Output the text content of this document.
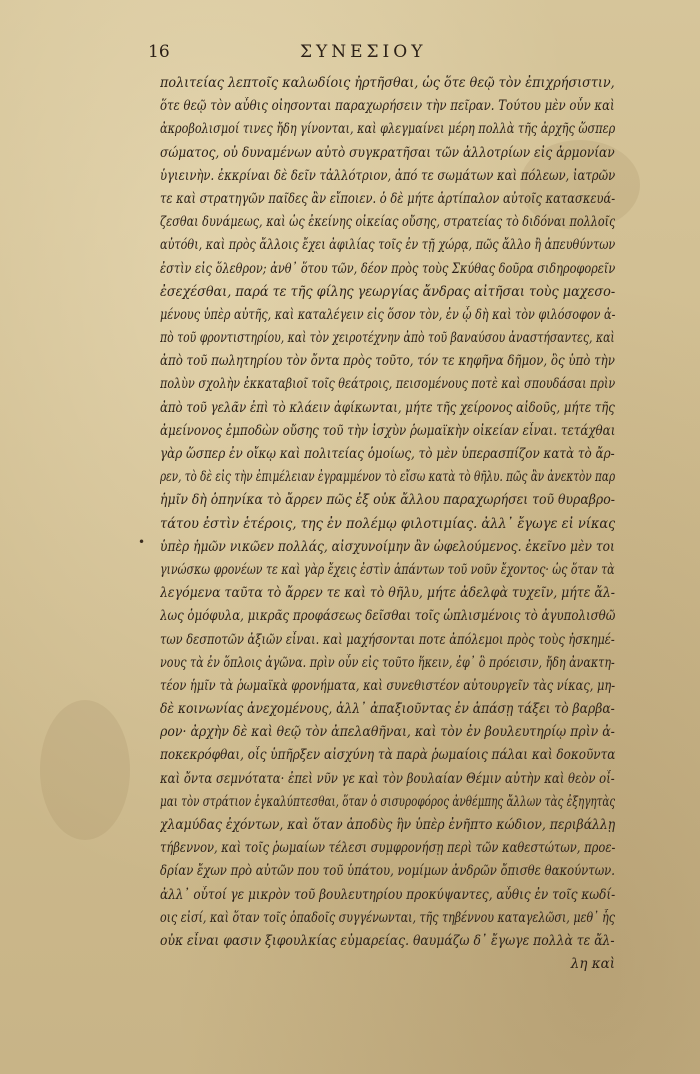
16	ΣΥΝΕΣΙΟΥ
•
πολιτείας λεπτοῖς καλωδίοις ἠρτῆσθαι, ὡς ὅτε θεῷ τὸν ἐπιχρήσιστιν,
ὅτε θεῷ τὸν αὖθις οἰησονται παραχωρήσειν τὴν πεῖραν. Τούτου μὲν οὖν καὶ
ἀκροβολισμοί τινες ἤδη γίνονται, καὶ φλεγμαίνει μέρη πολλὰ τῆς ἀρχῆς ὥσπερ
σώματος, οὐ δυναμένων αὐτὸ συγκρατῆσαι τῶν ἀλλοτρίων εἰς ἁρμονίαν
ὑγιεινὴν. ἐκκρίναι δὲ δεῖν τἀλλότριον, ἀπό τε σωμάτων καὶ πόλεων, ἰατρῶν
τε καὶ στρατηγῶν παῖδες ἂν εἴποιεν. ὁ δὲ μήτε ἀρτίπαλον αὐτοῖς κατασκευά-
ζεσθαι δυνάμεως, καὶ ὡς ἐκείνης οἰκείας οὔσης, στρατείας τὸ διδόναι πολλοῖς
αὐτόθι, καὶ πρὸς ἄλλοις ἔχει ἀφιλίας τοῖς ἐν τῇ χώρᾳ, πῶς ἄλλο ἢ ἀπευθύντων
ἐστὶν εἰς ὅλεθρον; ἀνθ᾽ ὅτου τῶν, δέον πρὸς τοὺς Σκύθας δοῦρα σιδηροφορεῖν
ἐσεχέσθαι, παρά τε τῆς φίλης γεωργίας ἄνδρας αἰτῆσαι τοὺς μαχεσο-
μένους ὑπὲρ αὐτῆς, καὶ καταλέγειν εἰς ὅσον τὸν, ἐν ᾧ δὴ καὶ τὸν φιλόσοφον ἀ-
πὸ τοῦ φροντιστηρίου, καὶ τὸν χειροτέχνην ἀπὸ τοῦ βαναύσου ἀναστήσαντες, καὶ
ἀπὸ τοῦ πωλητηρίου τὸν ὄντα πρὸς τοῦτο, τόν τε κηφῆνα δῆμον, ὃς ὑπὸ τὴν
πολὺν σχολὴν ἐκκαταβιοῖ τοῖς θεάτροις, πεισομένους ποτὲ καὶ σπουδάσαι πρὶν
ἀπὸ τοῦ γελᾶν ἐπὶ τὸ κλάειν ἀφίκωνται, μήτε τῆς χείρονος αἰδοῦς, μήτε τῆς
ἀμείνονος ἐμποδὼν οὔσης τοῦ τὴν ἰσχὺν ῥωμαϊκὴν οἰκείαν εἶναι. τετάχθαι
γὰρ ὥσπερ ἐν οἴκῳ καὶ πολιτείας ὁμοίως, τὸ μὲν ὑπερασπίζον κατὰ τὸ ἄρ-
ρεν, τὸ δὲ εἰς τὴν ἐπιμέλειαν ἐγραμμένον τὸ εἴσω κατὰ τὸ θῆλυ. πῶς ἂν ἀνεκτὸν παρ
ἡμῖν δὴ ὁπηνίκα τὸ ἄρρεν πῶς ἐξ οὐκ ἄλλου παραχωρήσει τοῦ θυραβρο-
τάτου ἐστὶν ἑτέροις, της ἐν πολέμῳ φιλοτιμίας. ἀλλ᾽ ἔγωγε εἰ νίκας
ὑπὲρ ἡμῶν νικῶεν πολλάς, αἰσχυνοίμην ἂν ὠφελούμενος. ἐκεῖνο μὲν τοι
γινώσκω φρονέων τε καὶ γὰρ ἔχεις ἐστὶν ἁπάντων τοῦ νοῦν ἔχοντος· ὡς ὅταν τὰ
λεγόμενα ταῦτα τὸ ἄρρεν τε καὶ τὸ θῆλυ, μήτε ἀδελφὰ τυχεῖν, μήτε ἄλ-
λως ὁμόφυλα, μικρᾶς προφάσεως δεῖσθαι τοῖς ὡπλισμένοις τὸ ἀγυπολισθῶ
των δεσποτῶν ἀξιῶν εἶναι. καὶ μαχήσονται ποτε ἀπόλεμοι πρὸς τοὺς ἠσκημέ-
νους τὰ ἐν ὅπλοις ἀγῶνα. πρὶν οὖν εἰς τοῦτο ἥκειν, ἐφ᾽ ὃ πρόεισιν, ἤδη ἀνακτη-
τέον ἡμῖν τὰ ῥωμαϊκὰ φρονήματα, καὶ συνεθιστέον αὐτουργεῖν τὰς νίκας, μη-
δὲ κοινωνίας ἀνεχομένους, ἀλλ᾽ ἀπαξιοῦντας ἐν ἁπάσῃ τάξει τὸ βαρβα-
ρον· ἀρχὴν δὲ καὶ θεῷ τὸν ἀπελαθῆναι, καὶ τὸν ἐν βουλευτηρίῳ πρὶν ἀ-
ποκεκρόφθαι, οἷς ὑπῆρξεν αἰσχύνη τὰ παρὰ ῥωμαίοις πάλαι καὶ δοκοῦντα
καὶ ὄντα σεμνότατα· ἐπεὶ νῦν γε καὶ τὸν βουλαίαν Θέμιν αὐτὴν καὶ θεὸν οἶ-
μαι τὸν στράτιον ἐγκαλύπτεσθαι, ὅταν ὁ σισυροφόρος ἀνθέμπης ἄλλων τὰς ἐξηγητὰς
χλαμύδας ἐχόντων, καὶ ὅταν ἀποδὺς ἣν ὑπὲρ ἐνῆπτο κώδιον, περιβάλλῃ
τήβεννον, καὶ τοῖς ῥωμαίων τέλεσι συμφρονήσῃ περὶ τῶν καθεστώτων, προε-
δρίαν ἔχων πρὸ αὐτῶν που τοῦ ὑπάτου, νομίμων ἀνδρῶν ὄπισθε θακούντων.
ἀλλ᾽ οὗτοί γε μικρὸν τοῦ βουλευτηρίου προκύψαντες, αὖθις ἐν τοῖς κωδί-
οις εἰσί, καὶ ὅταν τοῖς ὀπαδοῖς συγγένωνται, τῆς τηβέννου καταγελῶσι, μεθ᾽ ἧς
οὐκ εἶναι φασιν ξιφουλκίας εὐμαρείας. θαυμάζω δ᾽ ἔγωγε πολλὰ τε ἄλ-
λη καὶ
